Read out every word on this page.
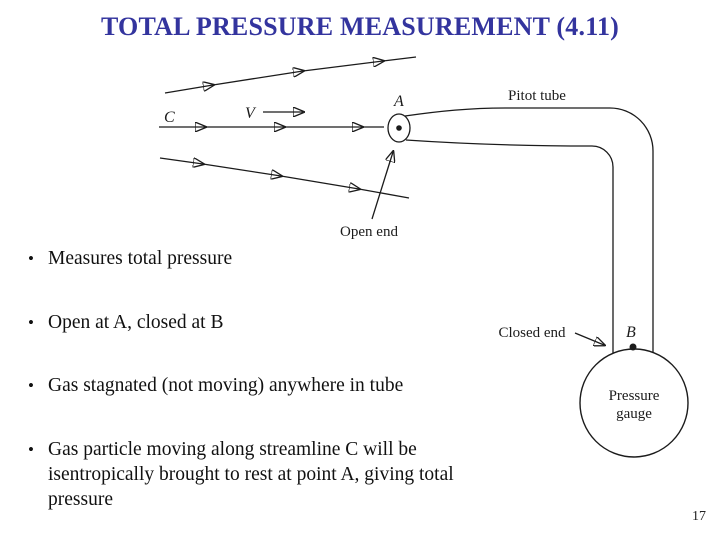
TOTAL PRESSURE MEASUREMENT (4.11)
C	V
A
B
Pitot tube
Open end
Closed end
Pressure
gauge
• Measures total pressure
• Open at A, closed at B
• Gas stagnated (not moving) anywhere in tube
• Gas particle moving along streamline C will be isentropically brought to rest at point A, giving total pressure
17
